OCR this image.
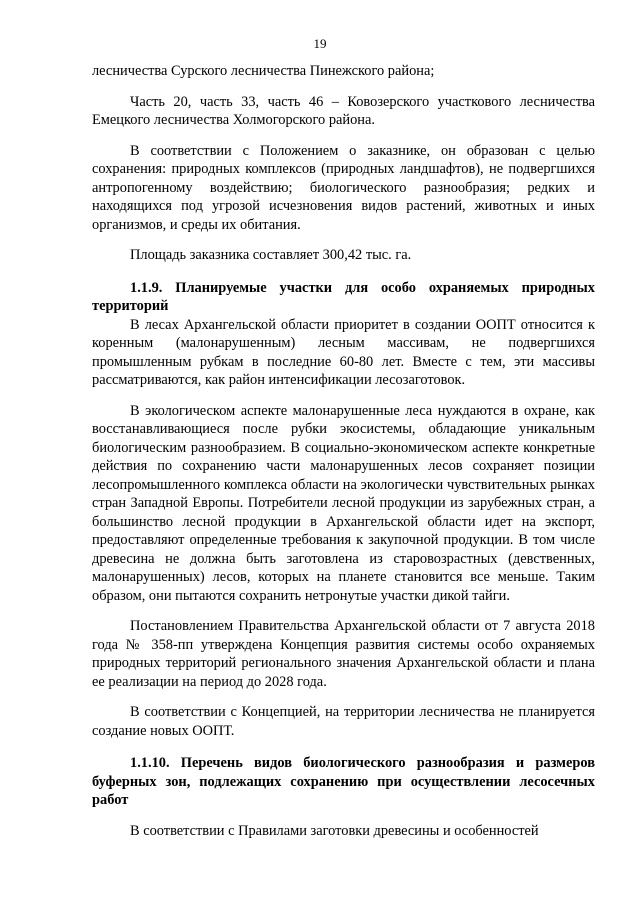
19

лесничества Сурского лесничества Пинежского района;

Часть 20, часть 33, часть 46 – Ковозерского участкового лесничества Емецкого лесничества Холмогорского района.

В соответствии с Положением о заказнике, он образован с целью сохранения: природных комплексов (природных ландшафтов), не подвергшихся антропогенному воздействию; биологического разнообразия; редких и находящихся под угрозой исчезновения видов растений, животных и иных организмов, и среды их обитания.

Площадь заказника составляет 300,42 тыс. га.

1.1.9. Планируемые участки для особо охраняемых природных территорий

В лесах Архангельской области приоритет в создании ООПТ относится к коренным (малонарушенным) лесным массивам, не подвергшихся промышленным рубкам в последние 60-80 лет. Вместе с тем, эти массивы рассматриваются, как район интенсификации лесозаготовок.

В экологическом аспекте малонарушенные леса нуждаются в охране, как восстанавливающиеся после рубки экосистемы, обладающие уникальным биологическим разнообразием. В социально-экономическом аспекте конкретные действия по сохранению части малонарушенных лесов сохраняет позиции лесопромышленного комплекса области на экологически чувствительных рынках стран Западной Европы. Потребители лесной продукции из зарубежных стран, а большинство лесной продукции в Архангельской области идет на экспорт, предоставляют определенные требования к закупочной продукции. В том числе древесина не должна быть заготовлена из старовозрастных (девственных, малонарушенных) лесов, которых на планете становится все меньше. Таким образом, они пытаются сохранить нетронутые участки дикой тайги.

Постановлением Правительства Архангельской области от 7 августа 2018 года № 358-пп утверждена Концепция развития системы особо охраняемых природных территорий регионального значения Архангельской области и плана ее реализации на период до 2028 года.

В соответствии с Концепцией, на территории лесничества не планируется создание новых ООПТ.

1.1.10. Перечень видов биологического разнообразия и размеров буферных зон, подлежащих сохранению при осуществлении лесосечных работ

В соответствии с Правилами заготовки древесины и особенностей
